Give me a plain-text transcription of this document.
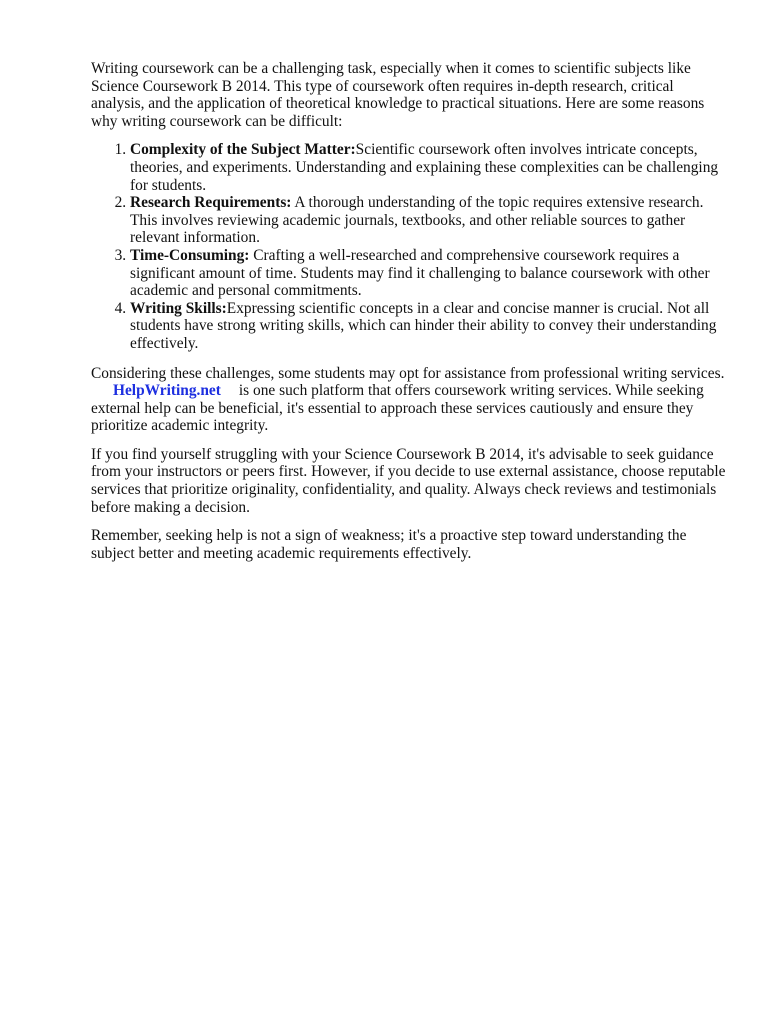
Writing coursework can be a challenging task, especially when it comes to scientific subjects like Science Coursework B 2014. This type of coursework often requires in-depth research, critical analysis, and the application of theoretical knowledge to practical situations. Here are some reasons why writing coursework can be difficult:

1. Complexity of the Subject Matter:Scientific coursework often involves intricate concepts, theories, and experiments. Understanding and explaining these complexities can be challenging for students.
2. Research Requirements: A thorough understanding of the topic requires extensive research. This involves reviewing academic journals, textbooks, and other reliable sources to gather relevant information.
3. Time-Consuming: Crafting a well-researched and comprehensive coursework requires a significant amount of time. Students may find it challenging to balance coursework with other academic and personal commitments.
4. Writing Skills:Expressing scientific concepts in a clear and concise manner is crucial. Not all students have strong writing skills, which can hinder their ability to convey their understanding effectively.

Considering these challenges, some students may opt for assistance from professional writing services.HelpWriting.net is one such platform that offers coursework writing services. While seeking external help can be beneficial, it's essential to approach these services cautiously and ensure they prioritize academic integrity.

If you find yourself struggling with your Science Coursework B 2014, it's advisable to seek guidance from your instructors or peers first. However, if you decide to use external assistance, choose reputable services that prioritize originality, confidentiality, and quality. Always check reviews and testimonials before making a decision.

Remember, seeking help is not a sign of weakness; it's a proactive step toward understanding the subject better and meeting academic requirements effectively.
